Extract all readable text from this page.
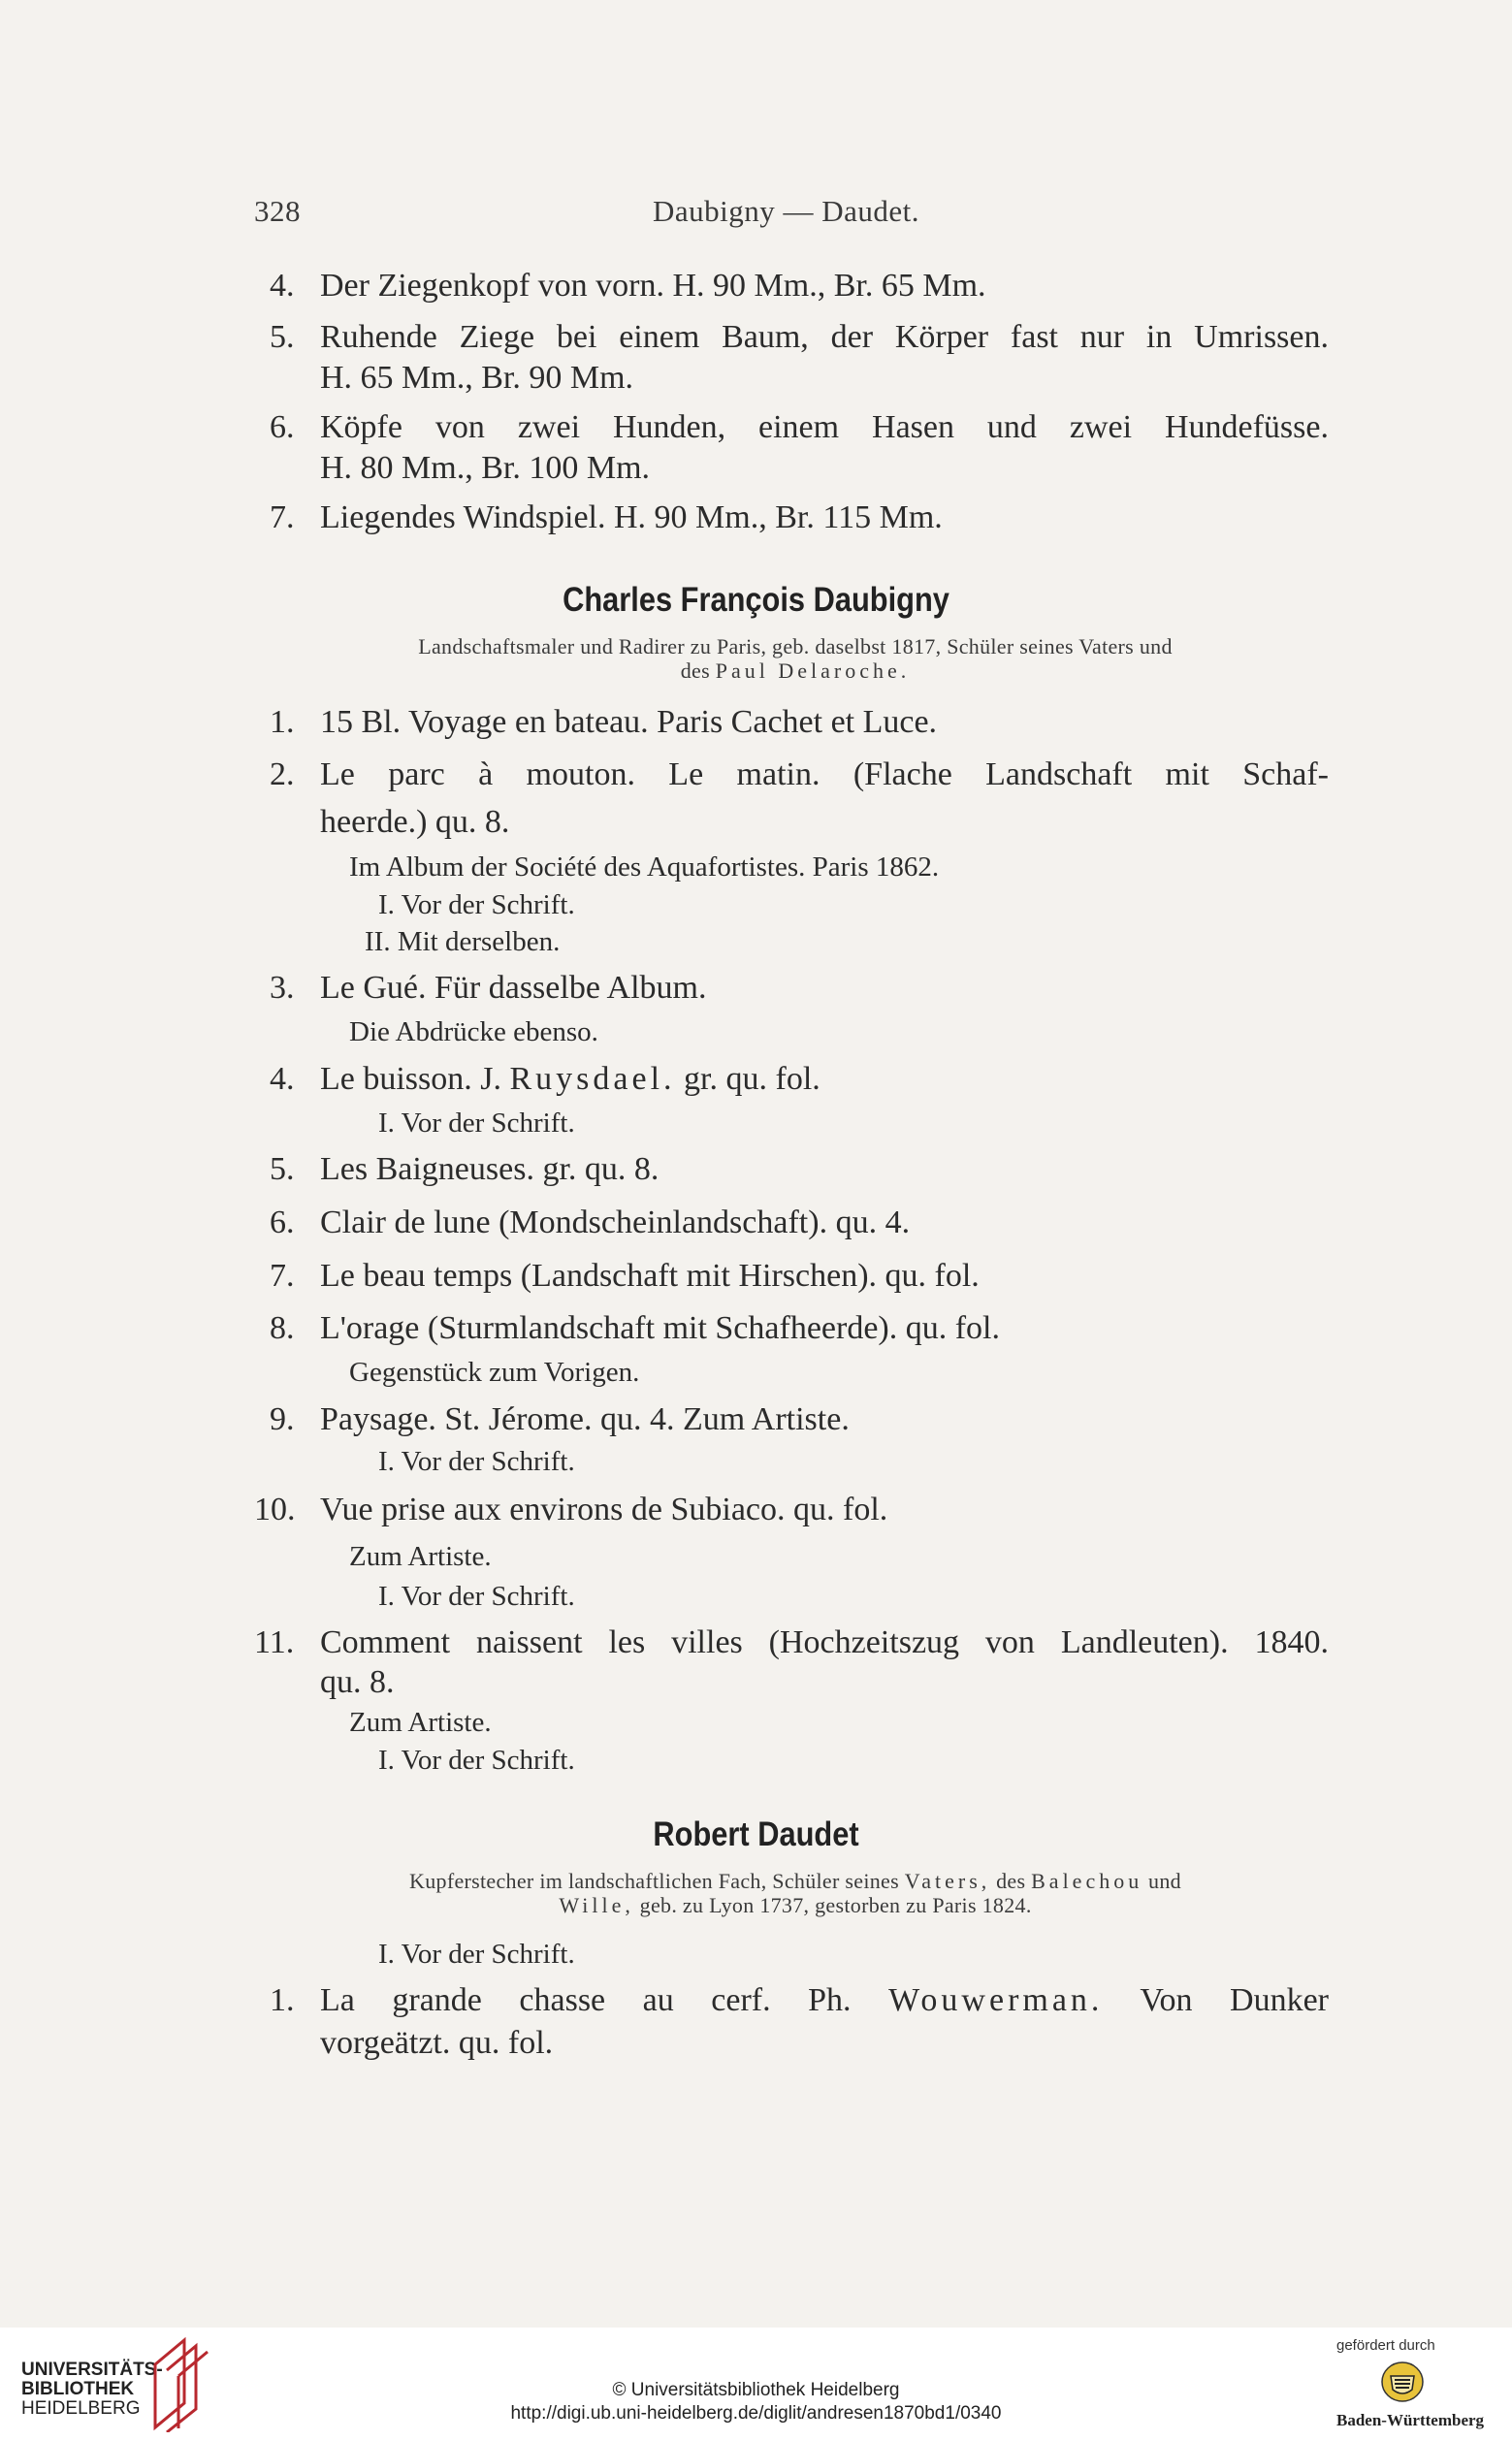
328	Daubigny — Daudet.
4. Der Ziegenkopf von vorn. H. 90 Mm., Br. 65 Mm.
5. Ruhende Ziege bei einem Baum, der Körper fast nur in Umrissen.
H. 65 Mm., Br. 90 Mm.
6. Köpfe von zwei Hunden, einem Hasen und zwei Hundefüsse.
H. 80 Mm., Br. 100 Mm.
7. Liegendes Windspiel. H. 90 Mm., Br. 115 Mm.
Charles François Daubigny
Landschaftsmaler und Radirer zu Paris, geb. daselbst 1817, Schüler seines Vaters und
des Paul Delaroche.
1. 15 Bl. Voyage en bateau. Paris Cachet et Luce.
2. Le parc à mouton. Le matin. (Flache Landschaft mit Schaf-
heerde.) qu. 8.
Im Album der Société des Aquafortistes. Paris 1862.
I. Vor der Schrift.
II. Mit derselben.
3. Le Gué. Für dasselbe Album.
Die Abdrücke ebenso.
4. Le buisson. J. Ruysdael. gr. qu. fol.
I. Vor der Schrift.
5. Les Baigneuses. gr. qu. 8.
6. Clair de lune (Mondscheinlandschaft). qu. 4.
7. Le beau temps (Landschaft mit Hirschen). qu. fol.
8. L'orage (Sturmlandschaft mit Schafheerde). qu. fol.
Gegenstück zum Vorigen.
9. Paysage. St. Jérome. qu. 4. Zum Artiste.
I. Vor der Schrift.
10. Vue prise aux environs de Subiaco. qu. fol.
Zum Artiste.
I. Vor der Schrift.
11. Comment naissent les villes (Hochzeitszug von Landleuten). 1840.
qu. 8.
Zum Artiste.
I. Vor der Schrift.
Robert Daudet
Kupferstecher im landschaftlichen Fach, Schüler seines Vaters, des Balechou und
Wille, geb. zu Lyon 1737, gestorben zu Paris 1824.
I. Vor der Schrift.
1. La grande chasse au cerf. Ph. Wouwerman. Von Dunker
vorgeätzt. qu. fol.
UNIVERSITÄTS-
BIBLIOTHEK
HEIDELBERG
© Universitätsbibliothek Heidelberg
http://digi.ub.uni-heidelberg.de/diglit/andresen1870bd1/0340
gefördert durch
Baden-Württemberg
